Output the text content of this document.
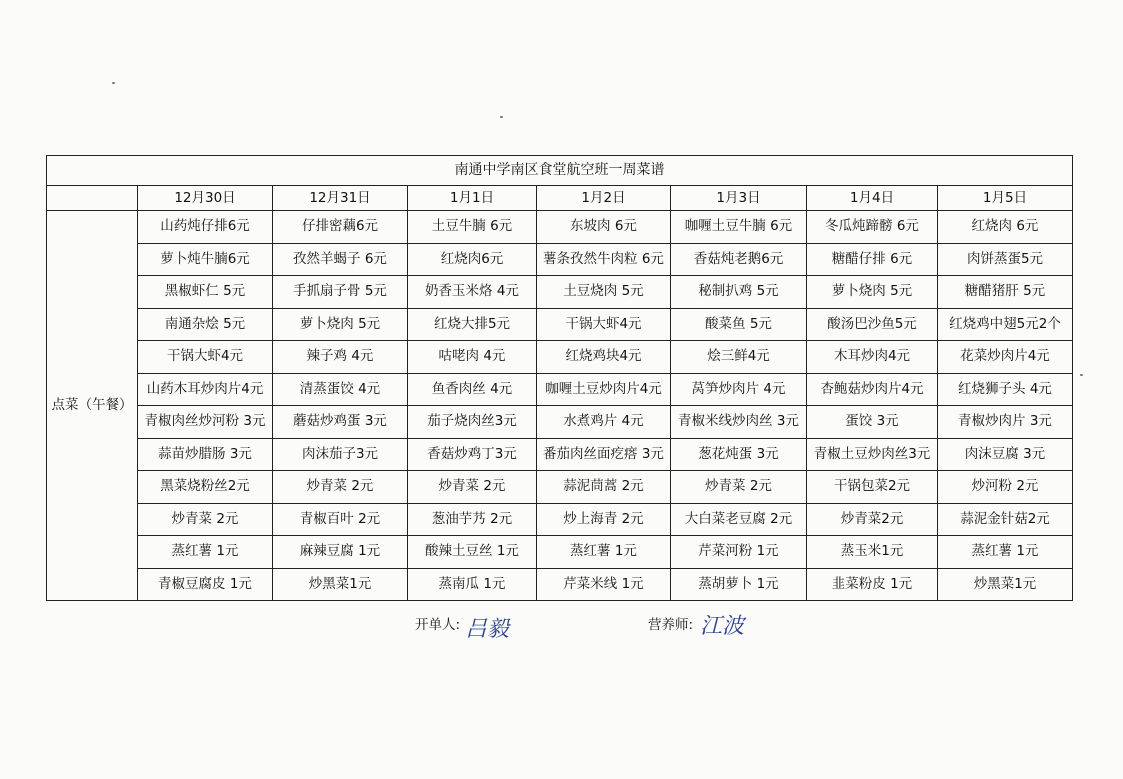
南通中学南区食堂航空班一周菜谱							
	12月30日	12月31日	1月1日	1月2日	1月3日	1月4日	1月5日
点菜（午餐）	山药炖仔排6元	仔排密藕6元	土豆牛腩 6元	东坡肉 6元	咖喱土豆牛腩 6元	冬瓜炖蹄髈 6元	红烧肉 6元
	萝卜炖牛腩6元	孜然羊蝎子 6元	红烧肉6元	薯条孜然牛肉粒 6元	香菇炖老鹅6元	糖醋仔排 6元	肉饼蒸蛋5元
	黑椒虾仁 5元	手抓扇子骨 5元	奶香玉米烙 4元	土豆烧肉 5元	秘制扒鸡 5元	萝卜烧肉 5元	糖醋猪肝 5元
	南通杂烩 5元	萝卜烧肉 5元	红烧大排5元	干锅大虾4元	酸菜鱼 5元	酸汤巴沙鱼5元	红烧鸡中翅5元2个
	干锅大虾4元	辣子鸡 4元	咕咾肉 4元	红烧鸡块4元	烩三鲜4元	木耳炒肉4元	花菜炒肉片4元
	山药木耳炒肉片4元	清蒸蛋饺 4元	鱼香肉丝 4元	咖喱土豆炒肉片4元	莴笋炒肉片 4元	杏鲍菇炒肉片4元	红烧狮子头 4元
	青椒肉丝炒河粉 3元	蘑菇炒鸡蛋 3元	茄子烧肉丝3元	水煮鸡片 4元	青椒米线炒肉丝 3元	蛋饺 3元	青椒炒肉片 3元
	蒜苗炒腊肠 3元	肉沫茄子3元	香菇炒鸡丁3元	番茄肉丝面疙瘩 3元	葱花炖蛋 3元	青椒土豆炒肉丝3元	肉沫豆腐 3元
	黑菜烧粉丝2元	炒青菜 2元	炒青菜 2元	蒜泥茼蒿 2元	炒青菜 2元	干锅包菜2元	炒河粉 2元
	炒青菜 2元	青椒百叶 2元	葱油芋艿 2元	炒上海青 2元	大白菜老豆腐 2元	炒青菜2元	蒜泥金针菇2元
	蒸红薯 1元	麻辣豆腐 1元	酸辣土豆丝 1元	蒸红薯 1元	芹菜河粉 1元	蒸玉米1元	蒸红薯 1元
	青椒豆腐皮 1元	炒黑菜1元	蒸南瓜 1元	芹菜米线 1元	蒸胡萝卜 1元	韭菜粉皮 1元	炒黑菜1元
开单人: 吕毅	营养师: 江波
